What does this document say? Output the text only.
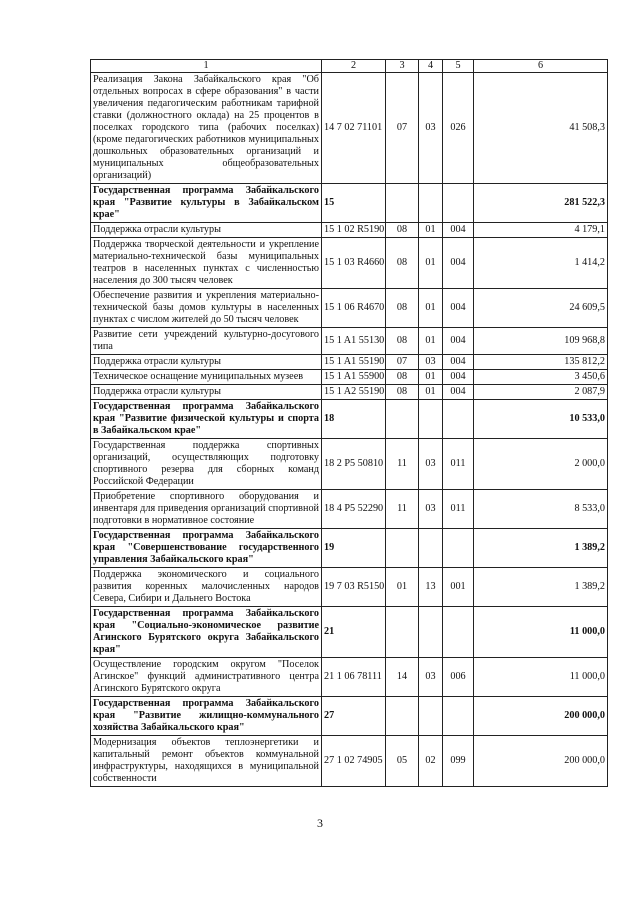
1	2	3	4	5	6
Реализация Закона Забайкальского края "Об отдельных вопросах в сфере образования" в части увеличения педагогическим работникам тарифной ставки (должностного оклада) на 25 процентов в поселках городского типа (рабочих поселках) (кроме педагогических работников муниципальных дошкольных образовательных организаций и муниципальных общеобразовательных организаций)	14 7 02 71101	07	03	026	41 508,3
Государственная программа Забайкальского края "Развитие культуры в Забайкальском крае"	15				281 522,3
Поддержка отрасли культуры	15 1 02 R5190	08	01	004	4 179,1
Поддержка творческой деятельности и укрепление материально-технической базы муниципальных театров в населенных пунктах с численностью населения до 300 тысяч человек	15 1 03 R4660	08	01	004	1 414,2
Обеспечение развития и укрепления материально-технической базы домов культуры в населенных пунктах с числом жителей до 50 тысяч человек	15 1 06 R4670	08	01	004	24 609,5
Развитие сети учреждений культурно-досугового типа	15 1 A1 55130	08	01	004	109 968,8
Поддержка отрасли культуры	15 1 A1 55190	07	03	004	135 812,2
Техническое оснащение муниципальных музеев	15 1 A1 55900	08	01	004	3 450,6
Поддержка отрасли культуры	15 1 A2 55190	08	01	004	2 087,9
Государственная программа Забайкальского края "Развитие физической культуры и спорта в Забайкальском крае"	18				10 533,0
Государственная поддержка спортивных организаций, осуществляющих подготовку спортивного резерва для сборных команд Российской Федерации	18 2 P5 50810	11	03	011	2 000,0
Приобретение спортивного оборудования и инвентаря для приведения организаций спортивной подготовки в нормативное состояние	18 4 P5 52290	11	03	011	8 533,0
Государственная программа Забайкальского края "Совершенствование государственного управления Забайкальского края"	19				1 389,2
Поддержка экономического и социального развития коренных малочисленных народов Севера, Сибири и Дальнего Востока	19 7 03 R5150	01	13	001	1 389,2
Государственная программа Забайкальского края "Социально-экономическое развитие Агинского Бурятского округа Забайкальского края"	21				11 000,0
Осуществление городским округом "Поселок Агинское" функций административного центра Агинского Бурятского округа	21 1 06 78111	14	03	006	11 000,0
Государственная программа Забайкальского края "Развитие жилищно-коммунального хозяйства Забайкальского края"	27				200 000,0
Модернизация объектов теплоэнергетики и капитальный ремонт объектов коммунальной инфраструктуры, находящихся в муниципальной собственности	27 1 02 74905	05	02	099	200 000,0
3
